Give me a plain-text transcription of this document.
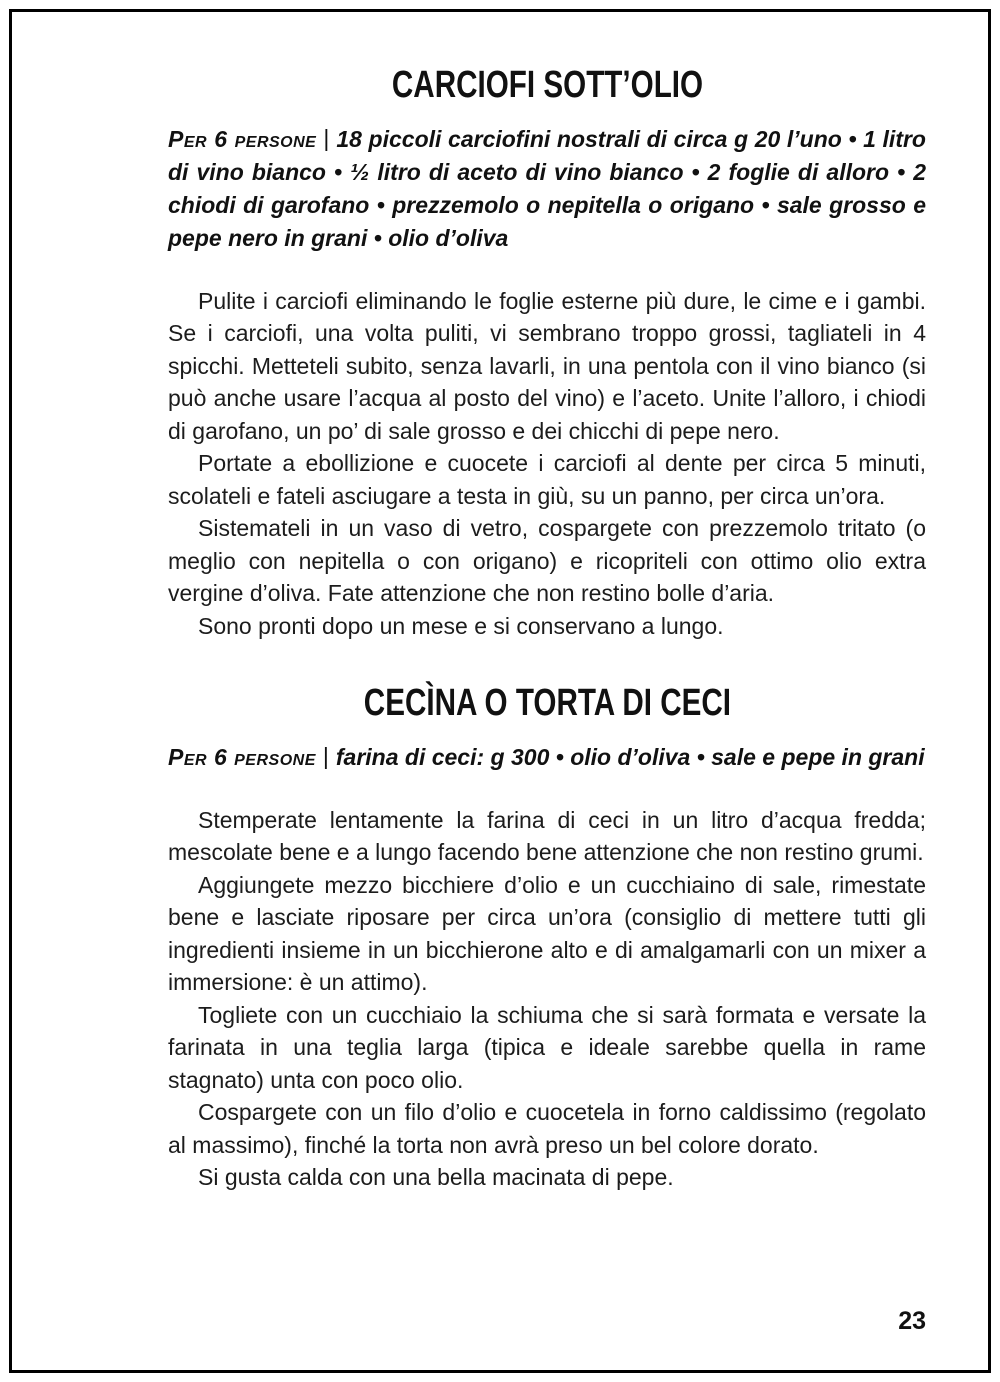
CARCIOFI SOTT’OLIO

Per 6 persone | 18 piccoli carciofini nostrali di circa g 20 l’uno • 1 litro di vino bianco • ½ litro di aceto di vino bianco • 2 foglie di alloro • 2 chiodi di garofano • prezzemolo o nepitella o origano • sale grosso e pepe nero in grani • olio d’oliva

Pulite i carciofi eliminando le foglie esterne più dure, le cime e i gambi. Se i carciofi, una volta puliti, vi sembrano troppo grossi, tagliateli in 4 spicchi. Metteteli subito, senza lavarli, in una pentola con il vino bianco (si può anche usare l’acqua al posto del vino) e l’aceto. Unite l’alloro, i chiodi di garofano, un po’ di sale grosso e dei chicchi di pepe nero.

Portate a ebollizione e cuocete i carciofi al dente per circa 5 minuti, scolateli e fateli asciugare a testa in giù, su un panno, per circa un’ora.

Sistemateli in un vaso di vetro, cospargete con prezzemolo tritato (o meglio con nepitella o con origano) e ricopriteli con ottimo olio extra vergine d’oliva. Fate attenzione che non restino bolle d’aria.

Sono pronti dopo un mese e si conservano a lungo.

CECÌNA O TORTA DI CECI

Per 6 persone | farina di ceci: g 300 • olio d’oliva • sale e pepe in grani

Stemperate lentamente la farina di ceci in un litro d’acqua fredda; mescolate bene e a lungo facendo bene attenzione che non restino grumi.

Aggiungete mezzo bicchiere d’olio e un cucchiaino di sale, rimestate bene e lasciate riposare per circa un’ora (consiglio di mettere tutti gli ingredienti insieme in un bicchierone alto e di amalgamarli con un mixer a immersione: è un attimo).

Togliete con un cucchiaio la schiuma che si sarà formata e versate la farinata in una teglia larga (tipica e ideale sarebbe quella in rame stagnato) unta con poco olio.

Cospargete con un filo d’olio e cuocetela in forno caldissimo (regolato al massimo), finché la torta non avrà preso un bel colore dorato.

Si gusta calda con una bella macinata di pepe.

23
